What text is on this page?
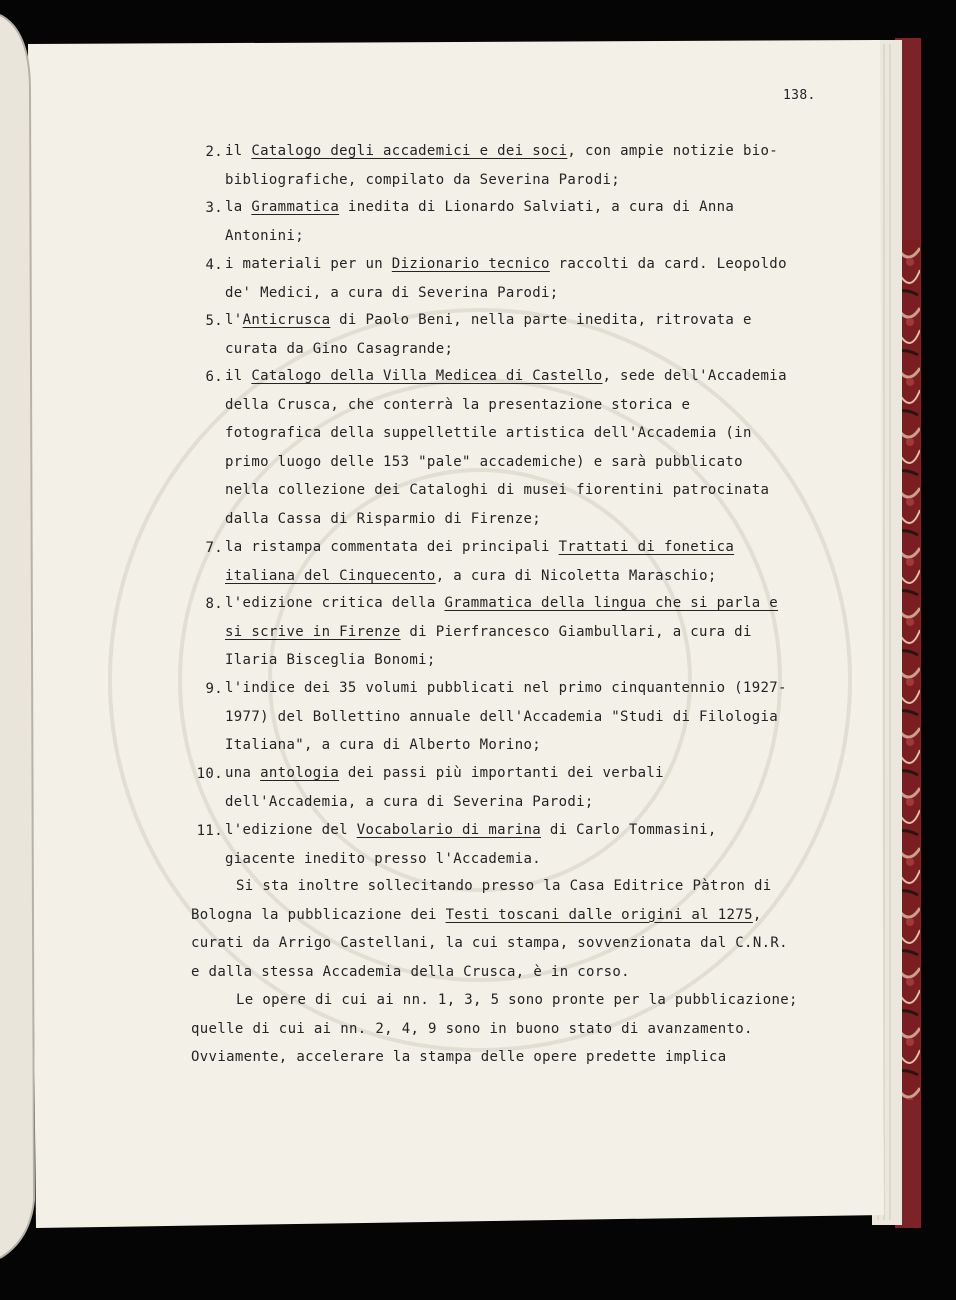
138.
2. il Catalogo degli accademici e dei soci, con ampie notizie bio-bibliografiche, compilato da Severina Parodi;
3. la Grammatica inedita di Lionardo Salviati, a cura di Anna Antonini;
4. i materiali per un Dizionario tecnico raccolti da card. Leopoldo de' Medici, a cura di Severina Parodi;
5. l'Anticrusca di Paolo Beni, nella parte inedita, ritrovata e curata da Gino Casagrande;
6. il Catalogo della Villa Medicea di Castello, sede dell'Accademia della Crusca, che conterrà la presentazione storica e fotografica della suppellettile artistica dell'Accademia (in primo luogo delle 153 "pale" accademiche) e sarà pubblicato nella collezione dei Cataloghi di musei fiorentini patrocinata dalla Cassa di Risparmio di Firenze;
7. la ristampa commentata dei principali Trattati di fonetica italiana del Cinquecento, a cura di Nicoletta Maraschio;
8. l'edizione critica della Grammatica della lingua che si parla e si scrive in Firenze di Pierfrancesco Giambullari, a cura di Ilaria Bisceglia Bonomi;
9. l'indice dei 35 volumi pubblicati nel primo cinquantennio (1927-1977) del Bollettino annuale dell'Accademia "Studi di Filologia Italiana", a cura di Alberto Morino;
10. una antologia dei passi più importanti dei verbali dell'Accademia, a cura di Severina Parodi;
11. l'edizione del Vocabolario di marina di Carlo Tommasini, giacente inedito presso l'Accademia.
Si sta inoltre sollecitando presso la Casa Editrice Pàtron di Bologna la pubblicazione dei Testi toscani dalle origini al 1275, curati da Arrigo Castellani, la cui stampa, sovvenzionata dal C.N.R. e dalla stessa Accademia della Crusca, è in corso.
Le opere di cui ai nn. 1, 3, 5 sono pronte per la pubblicazione; quelle di cui ai nn. 2, 4, 9 sono in buono stato di avanzamento. Ovviamente, accelerare la stampa delle opere predette implica
